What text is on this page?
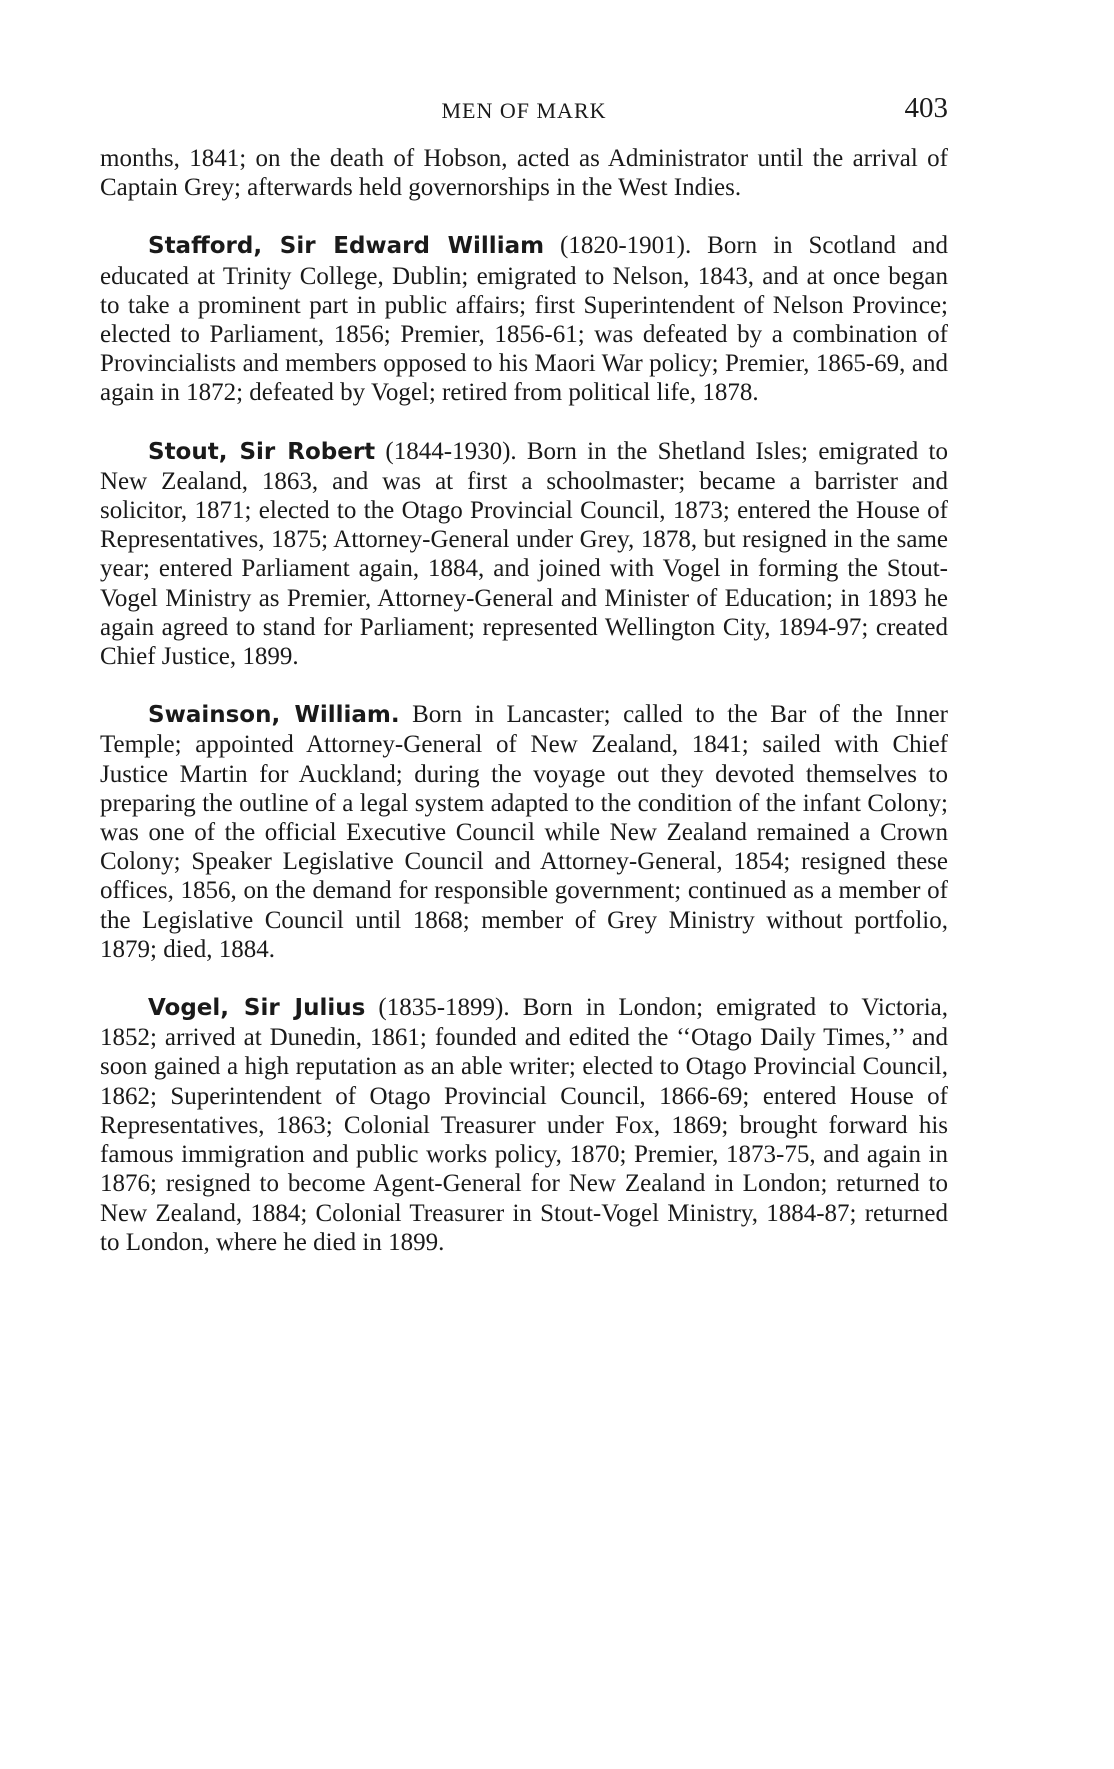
MEN OF MARK	403

months, 1841; on the death of Hobson, acted as Administrator until the arrival of Captain Grey; afterwards held governorships in the West Indies.

Stafford, Sir Edward William (1820-1901). Born in Scotland and educated at Trinity College, Dublin; emigrated to Nelson, 1843, and at once began to take a prominent part in public affairs; first Superintendent of Nelson Province; elected to Parliament, 1856; Premier, 1856-61; was defeated by a combination of Provincialists and members opposed to his Maori War policy; Premier, 1865-69, and again in 1872; defeated by Vogel; retired from political life, 1878.

Stout, Sir Robert (1844-1930). Born in the Shetland Isles; emigrated to New Zealand, 1863, and was at first a schoolmaster; became a barrister and solicitor, 1871; elected to the Otago Provincial Council, 1873; entered the House of Representatives, 1875; Attorney-General under Grey, 1878, but resigned in the same year; entered Parliament again, 1884, and joined with Vogel in forming the Stout-Vogel Ministry as Premier, Attorney-General and Minister of Education; in 1893 he again agreed to stand for Parliament; represented Wellington City, 1894-97; created Chief Justice, 1899.

Swainson, William. Born in Lancaster; called to the Bar of the Inner Temple; appointed Attorney-General of New Zealand, 1841; sailed with Chief Justice Martin for Auckland; during the voyage out they devoted themselves to preparing the outline of a legal system adapted to the condition of the infant Colony; was one of the official Executive Council while New Zealand remained a Crown Colony; Speaker Legislative Council and Attorney-General, 1854; resigned these offices, 1856, on the demand for responsible government; continued as a member of the Legislative Council until 1868; member of Grey Ministry without portfolio, 1879; died, 1884.

Vogel, Sir Julius (1835-1899). Born in London; emigrated to Victoria, 1852; arrived at Dunedin, 1861; founded and edited the ‘‘Otago Daily Times,’’ and soon gained a high reputation as an able writer; elected to Otago Provincial Council, 1862; Superintendent of Otago Provincial Council, 1866-69; entered House of Representatives, 1863; Colonial Treasurer under Fox, 1869; brought forward his famous immigration and public works policy, 1870; Premier, 1873-75, and again in 1876; resigned to become Agent-General for New Zealand in London; returned to New Zealand, 1884; Colonial Treasurer in Stout-Vogel Ministry, 1884-87; returned to London, where he died in 1899.
